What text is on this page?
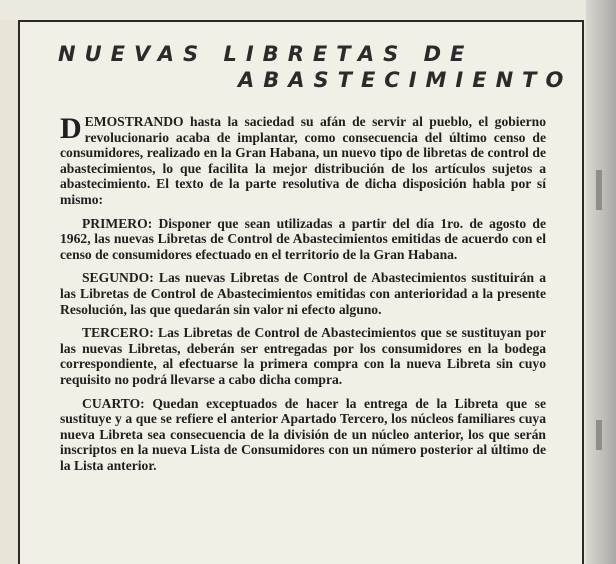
NUEVAS LIBRETAS DE
ABASTECIMIENTO

DEMOSTRANDO hasta la saciedad su afán de servir al pueblo, el gobierno revolucionario acaba de implantar, como consecuencia del último censo de consumidores, realizado en la Gran Habana, un nuevo tipo de libretas de control de abastecimientos, lo que facilita la mejor distribución de los artículos sujetos a abastecimiento. El texto de la parte resolutiva de dicha disposición habla por sí mismo:

PRIMERO: Disponer que sean utilizadas a partir del día 1ro. de agosto de 1962, las nuevas Libretas de Control de Abastecimientos emitidas de acuerdo con el censo de consumidores efectuado en el territorio de la Gran Habana.

SEGUNDO: Las nuevas Libretas de Control de Abastecimientos sustituirán a las Libretas de Control de Abastecimientos emitidas con anterioridad a la presente Resolución, las que quedarán sin valor ni efecto alguno.

TERCERO: Las Libretas de Control de Abastecimientos que se sustituyan por las nuevas Libretas, deberán ser entregadas por los consumidores en la bodega correspondiente, al efectuarse la primera compra con la nueva Libreta sin cuyo requisito no podrá llevarse a cabo dicha compra.

CUARTO: Quedan exceptuados de hacer la entrega de la Libreta que se sustituye y a que se refiere el anterior Apartado Tercero, los núcleos familiares cuya nueva Libreta sea consecuencia de la división de un núcleo anterior, los que serán inscriptos en la nueva Lista de Consumidores con un número posterior al último de la Lista anterior.
